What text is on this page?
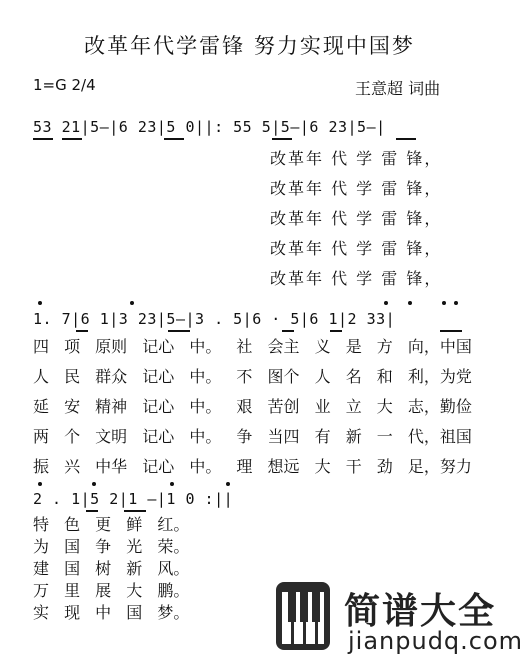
改革年代学雷锋 努力实现中国梦
1=G 2/4	王意超 词曲
53 21|5—|6 23|5 0||: 55 5|5—|6 23|5—|
改革年 代 学 雷 锋，
改革年 代 学 雷 锋，
改革年 代 学 雷 锋，
改革年 代 学 雷 锋，
改革年 代 学 雷 锋，
1. 7|6 1|3 23|5—|3 . 5|6 · 5|6 1|2 33|
四 项 原则 记心 中。 社 会主 义 是 方 向，中国
人 民 群众 记心 中。 不 图个 人 名 和 利，为党
延 安 精神 记心 中。 艰 苦创 业 立 大 志，勤俭
两 个 文明 记心 中。 争 当四 有 新 一 代，祖国
振 兴 中华 记心 中。 理 想远 大 干 劲 足，努力
2 . 1|5 2|1 —|1 0 :||
特 色 更 鲜 红。
为 国 争 光 荣。
建 国 树 新 风。
万 里 展 大 鹏。
实 现 中 国 梦。	简谱大全
jianpudq.com
